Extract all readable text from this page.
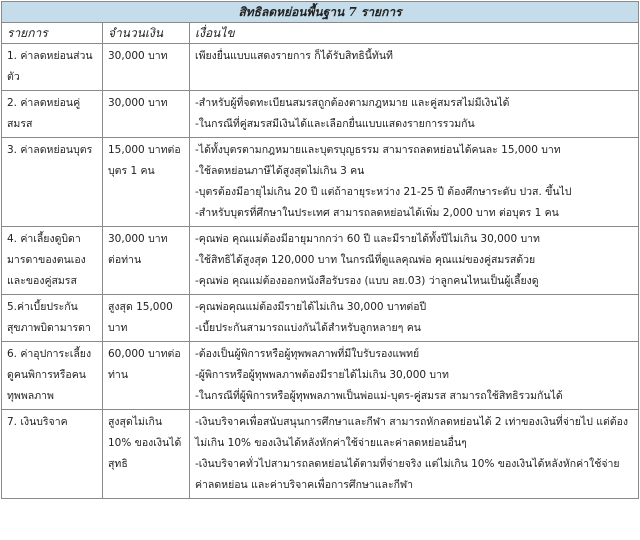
สิทธิลดหย่อนพื้นฐาน 7 รายการ		
รายการ	จำนวนเงิน	เงื่อนไข
1. ค่าลดหย่อนส่วนตัว	30,000 บาท	เพียงยื่นแบบแสดงรายการ ก็ได้รับสิทธินี้ทันที

2. ค่าลดหย่อนคู่สมรส	30,000 บาท	-สำหรับผู้ที่จดทะเบียนสมรสถูกต้องตามกฎหมาย และคู่สมรสไม่มีเงินได้
-ในกรณีที่คู่สมรสมีเงินได้และเลือกยื่นแบบแสดงรายการรวมกัน

3. ค่าลดหย่อนบุตร	15,000 บาทต่อบุตร 1 คน	-ได้ทั้งบุตรตามกฎหมายและบุตรบุญธรรม สามารถลดหย่อนได้คนละ 15,000 บาท
-ใช้ลดหย่อนภาษีได้สูงสุดไม่เกิน 3 คน
-บุตรต้องมีอายุไม่เกิน 20 ปี แต่ถ้าอายุระหว่าง 21-25 ปี ต้องศึกษาระดับ ปวส. ขึ้นไป
-สำหรับบุตรที่ศึกษาในประเทศ สามารถลดหย่อนได้เพิ่ม 2,000 บาท ต่อบุตร 1 คน

4. ค่าเลี้ยงดูบิดามารดาของตนเองและของคู่สมรส	30,000 บาท ต่อท่าน	-คุณพ่อ คุณแม่ต้องมีอายุมากกว่า 60 ปี และมีรายได้ทั้งปีไม่เกิน 30,000 บาท
-ใช้สิทธิได้สูงสุด 120,000 บาท ในกรณีที่ดูแลคุณพ่อ คุณแม่ของคู่สมรสด้วย
-คุณพ่อ คุณแม่ต้องออกหนังสือรับรอง (แบบ ลย.03) ว่าลูกคนไหนเป็นผู้เลี้ยงดู

5.ค่าเบี้ยประกันสุขภาพบิดามารดา	สูงสุด 15,000 บาท	-คุณพ่อคุณแม่ต้องมีรายได้ไม่เกิน 30,000 บาทต่อปี
-เบี้ยประกันสามารถแบ่งกันได้สำหรับลูกหลายๆ คน

6. ค่าอุปการะเลี้ยงดูคนพิการหรือคนทุพพลภาพ	60,000 บาทต่อท่าน	-ต้องเป็นผู้พิการหรือผู้ทุพพลภาพที่มีใบรับรองแพทย์
-ผู้พิการหรือผู้ทุพพลภาพต้องมีรายได้ไม่เกิน 30,000 บาท
-ในกรณีที่ผู้พิการหรือผู้ทุพพลภาพเป็นพ่อแม่-บุตร-คู่สมรส สามารถใช้สิทธิรวมกันได้

7. เงินบริจาค	สูงสุดไม่เกิน 10% ของเงินได้สุทธิ	-เงินบริจาคเพื่อสนับสนุนการศึกษาและกีฬา สามารถหักลดหย่อนได้ 2 เท่าของเงินที่จ่ายไป แต่ต้องไม่เกิน 10% ของเงินได้หลังหักค่าใช้จ่ายและค่าลดหย่อนอื่นๆ
-เงินบริจาคทั่วไปสามารถลดหย่อนได้ตามที่จ่ายจริง แต่ไม่เกิน 10% ของเงินได้หลังหักค่าใช้จ่าย ค่าลดหย่อน และค่าบริจาคเพื่อการศึกษาและกีฬา
